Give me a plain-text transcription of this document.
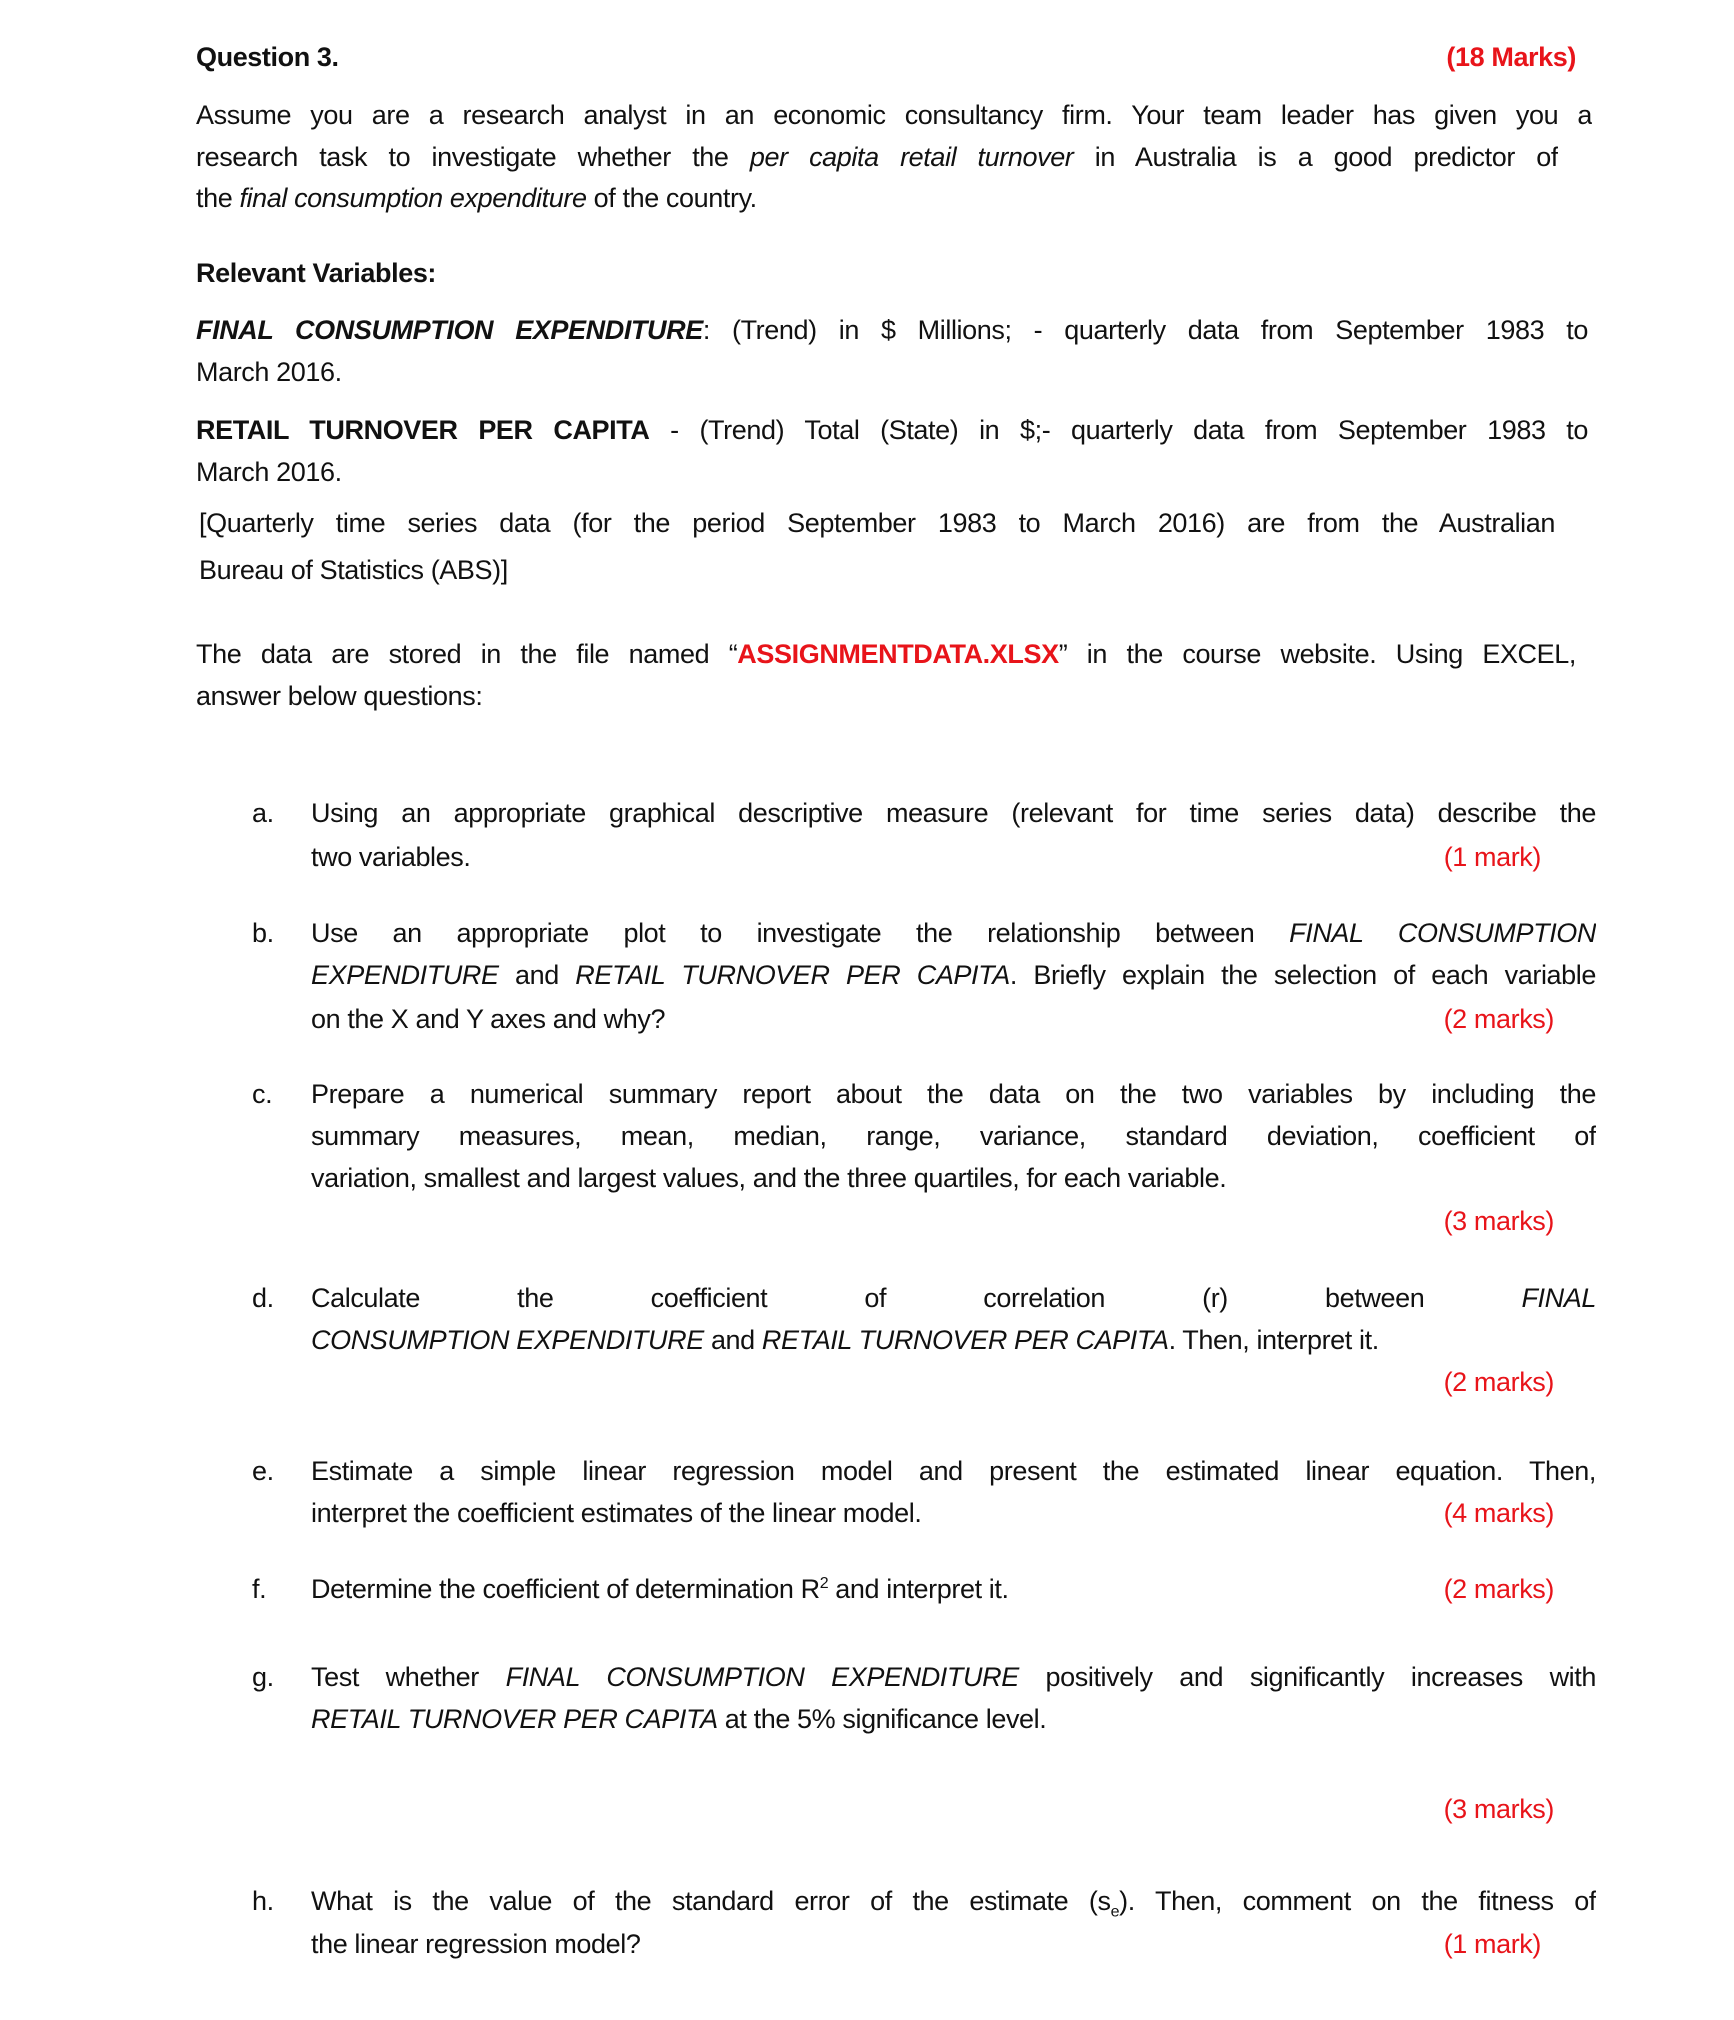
Question 3.	(18 Marks)
Assume you are a research analyst in an economic consultancy firm. Your team leader has given you a
research task to investigate whether the per capita retail turnover in Australia is a good predictor of
the final consumption expenditure of the country.
Relevant Variables:
FINAL CONSUMPTION EXPENDITURE: (Trend) in $ Millions; - quarterly data from September 1983 to
March 2016.
RETAIL TURNOVER PER CAPITA - (Trend) Total (State) in $;- quarterly data from September 1983 to
March 2016.
[Quarterly time series data (for the period September 1983 to March 2016) are from the Australian
Bureau of Statistics (ABS)]
The data are stored in the file named “ASSIGNMENTDATA.XLSX” in the course website. Using EXCEL,
answer below questions:
a. Using an appropriate graphical descriptive measure (relevant for time series data) describe the
two variables.	(1 mark)
b. Use an appropriate plot to investigate the relationship between FINAL CONSUMPTION
EXPENDITURE and RETAIL TURNOVER PER CAPITA. Briefly explain the selection of each variable
on the X and Y axes and why?	(2 marks)
c. Prepare a numerical summary report about the data on the two variables by including the
summary measures, mean, median, range, variance, standard deviation, coefficient of
variation, smallest and largest values, and the three quartiles, for each variable.
(3 marks)
d. Calculate the coefficient of correlation (r) between FINAL
CONSUMPTION EXPENDITURE and RETAIL TURNOVER PER CAPITA. Then, interpret it.
(2 marks)
e. Estimate a simple linear regression model and present the estimated linear equation. Then,
interpret the coefficient estimates of the linear model.	(4 marks)
f. Determine the coefficient of determination $R^2$ and interpret it.	(2 marks)
g. Test whether FINAL CONSUMPTION EXPENDITURE positively and significantly increases with
RETAIL TURNOVER PER CAPITA at the 5% significance level.
(3 marks)
h. What is the value of the standard error of the estimate $(s_e)$. Then, comment on the fitness of
the linear regression model?	(1 mark)
